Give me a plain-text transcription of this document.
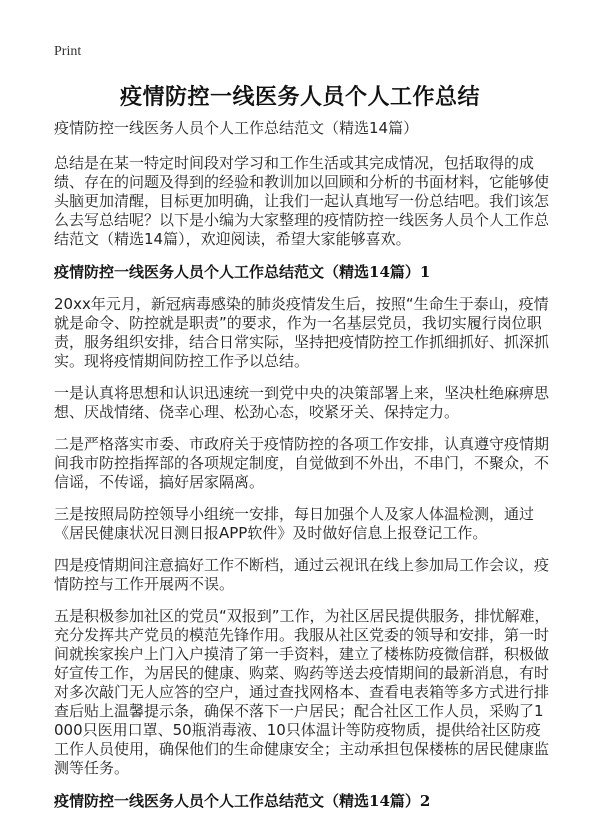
Print
疫情防控一线医务人员个人工作总结
疫情防控一线医务人员个人工作总结范文（精选14篇）

总结是在某一特定时间段对学习和工作生活或其完成情况，包括取得的成绩、存在的问题及得到的经验和教训加以回顾和分析的书面材料，它能够使头脑更加清醒，目标更加明确，让我们一起认真地写一份总结吧。我们该怎么去写总结呢？以下是小编为大家整理的疫情防控一线医务人员个人工作总结范文（精选14篇），欢迎阅读，希望大家能够喜欢。

疫情防控一线医务人员个人工作总结范文（精选14篇）1

20xx年元月，新冠病毒感染的肺炎疫情发生后，按照“生命生于泰山，疫情就是命令、防控就是职责”的要求，作为一名基层党员，我切实履行岗位职责，服务组织安排，结合日常实际，坚持把疫情防控工作抓细抓好、抓深抓实。现将疫情期间防控工作予以总结。

一是认真将思想和认识迅速统一到党中央的决策部署上来，坚决杜绝麻痹思想、厌战情绪、侥幸心理、松劲心态，咬紧牙关、保持定力。

二是严格落实市委、市政府关于疫情防控的各项工作安排，认真遵守疫情期间我市防控指挥部的各项规定制度，自觉做到不外出，不串门，不聚众，不信谣，不传谣，搞好居家隔离。

三是按照局防控领导小组统一安排，每日加强个人及家人体温检测，通过《居民健康状况日测日报APP软件》及时做好信息上报登记工作。

四是疫情期间注意搞好工作不断档，通过云视讯在线上参加局工作会议，疫情防控与工作开展两不误。

五是积极参加社区的党员“双报到”工作，为社区居民提供服务，排忧解难，充分发挥共产党员的模范先锋作用。我服从社区党委的领导和安排，第一时间就挨家挨户上门入户摸清了第一手资料，建立了楼栋防疫微信群，积极做好宣传工作，为居民的健康、购菜、购药等送去疫情期间的最新消息，有时对多次敲门无人应答的空户，通过查找网格本、查看电表箱等多方式进行排查后贴上温馨提示条，确保不落下一户居民；配合社区工作人员，采购了1000只医用口罩、50瓶消毒液、10只体温计等防疫物质，提供给社区防疫工作人员使用，确保他们的生命健康安全；主动承担包保楼栋的居民健康监测等任务。

疫情防控一线医务人员个人工作总结范文（精选14篇）2
